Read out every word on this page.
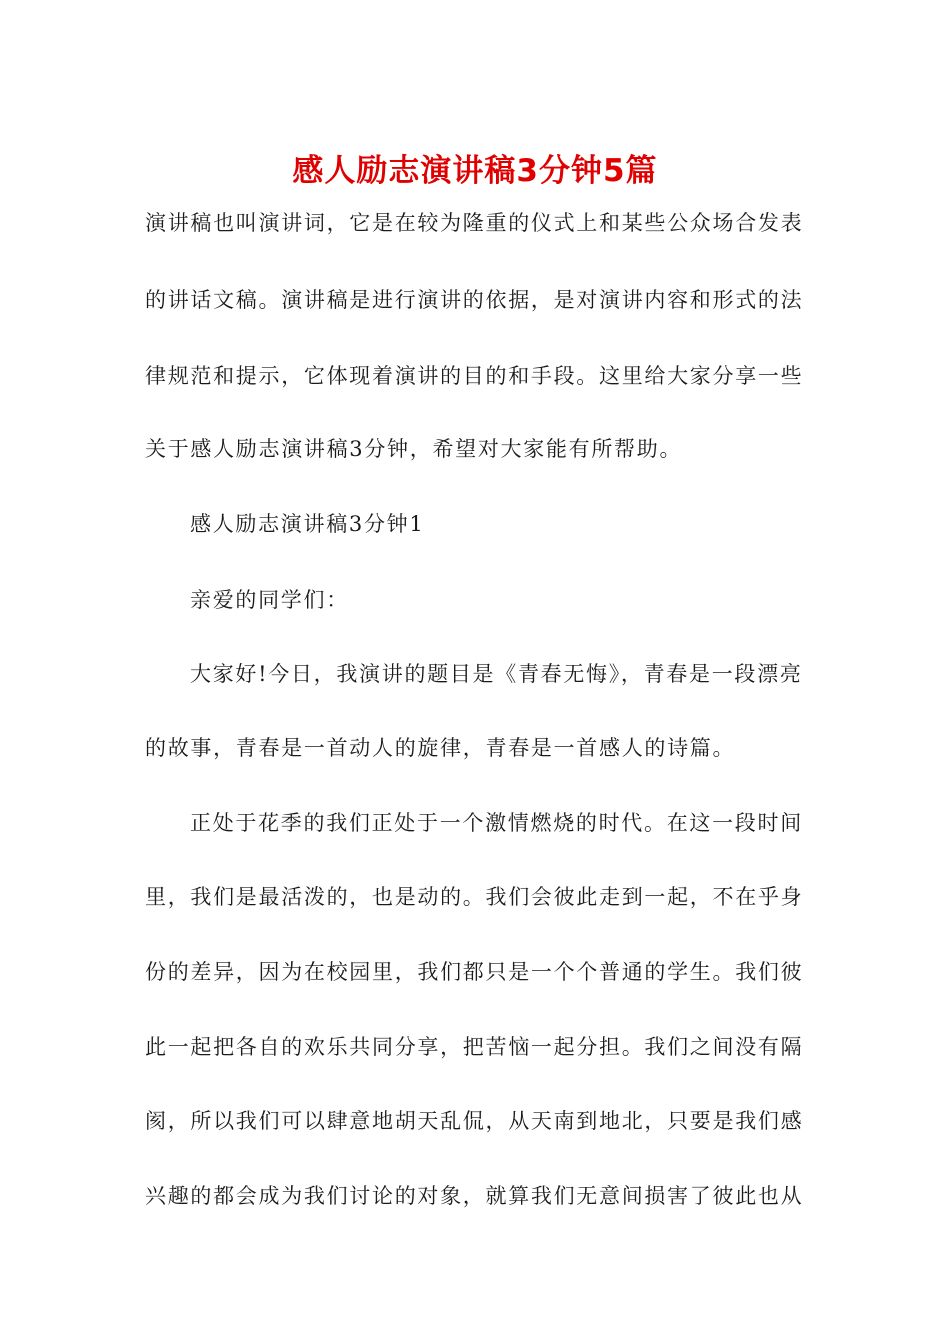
感人励志演讲稿3分钟5篇

演讲稿也叫演讲词，它是在较为隆重的仪式上和某些公众场合发表

的讲话文稿。演讲稿是进行演讲的依据，是对演讲内容和形式的法

律规范和提示，它体现着演讲的目的和手段。这里给大家分享一些

关于感人励志演讲稿3分钟，希望对大家能有所帮助。

感人励志演讲稿3分钟1

亲爱的同学们：

大家好!今日，我演讲的题目是《青春无悔》，青春是一段漂亮

的故事，青春是一首动人的旋律，青春是一首感人的诗篇。

正处于花季的我们正处于一个激情燃烧的时代。在这一段时间

里，我们是最活泼的，也是动的。我们会彼此走到一起，不在乎身

份的差异，因为在校园里，我们都只是一个个普通的学生。我们彼

此一起把各自的欢乐共同分享，把苦恼一起分担。我们之间没有隔

阂，所以我们可以肆意地胡天乱侃，从天南到地北，只要是我们感

兴趣的都会成为我们讨论的对象，就算我们无意间损害了彼此也从
